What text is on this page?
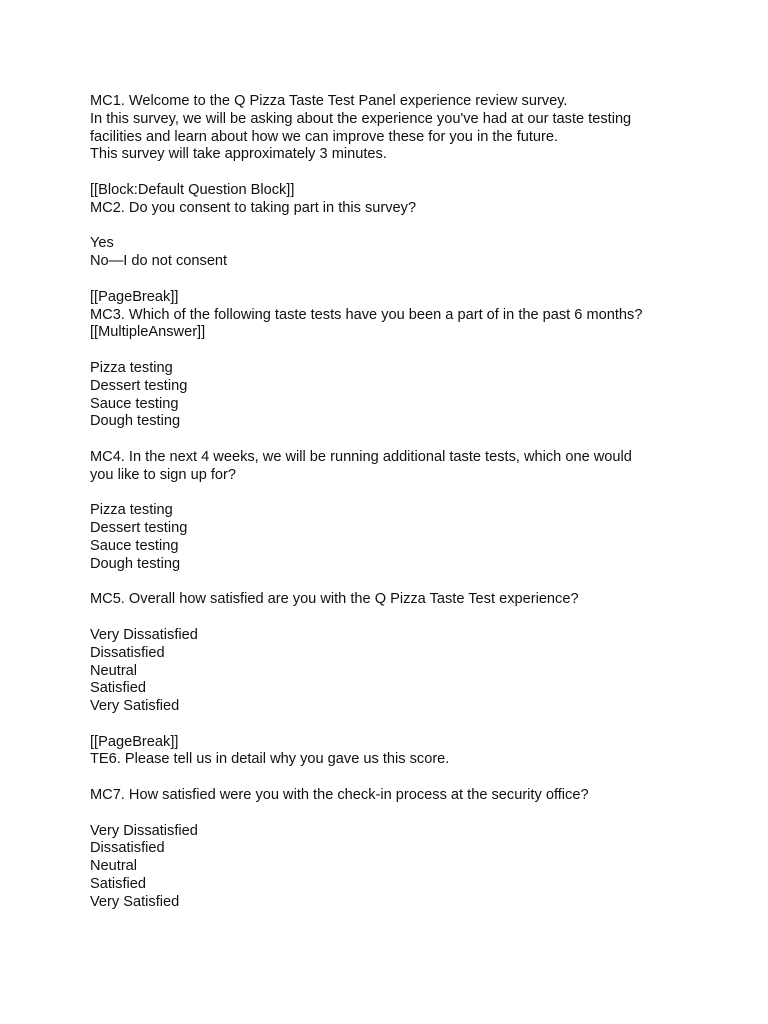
MC1. Welcome to the Q Pizza Taste Test Panel experience review survey.
In this survey, we will be asking about the experience you've had at our taste testing
facilities and learn about how we can improve these for you in the future.
This survey will take approximately 3 minutes.
[[Block:Default Question Block]]
MC2. Do you consent to taking part in this survey?
Yes
No—I do not consent
[[PageBreak]]
MC3. Which of the following taste tests have you been a part of in the past 6 months?
[[MultipleAnswer]]
Pizza testing
Dessert testing
Sauce testing
Dough testing
MC4. In the next 4 weeks, we will be running additional taste tests, which one would
you like to sign up for?
Pizza testing
Dessert testing
Sauce testing
Dough testing
MC5. Overall how satisfied are you with the Q Pizza Taste Test experience?
Very Dissatisfied
Dissatisfied
Neutral
Satisfied
Very Satisfied
[[PageBreak]]
TE6. Please tell us in detail why you gave us this score.
MC7. How satisfied were you with the check-in process at the security office?
Very Dissatisfied
Dissatisfied
Neutral
Satisfied
Very Satisfied
